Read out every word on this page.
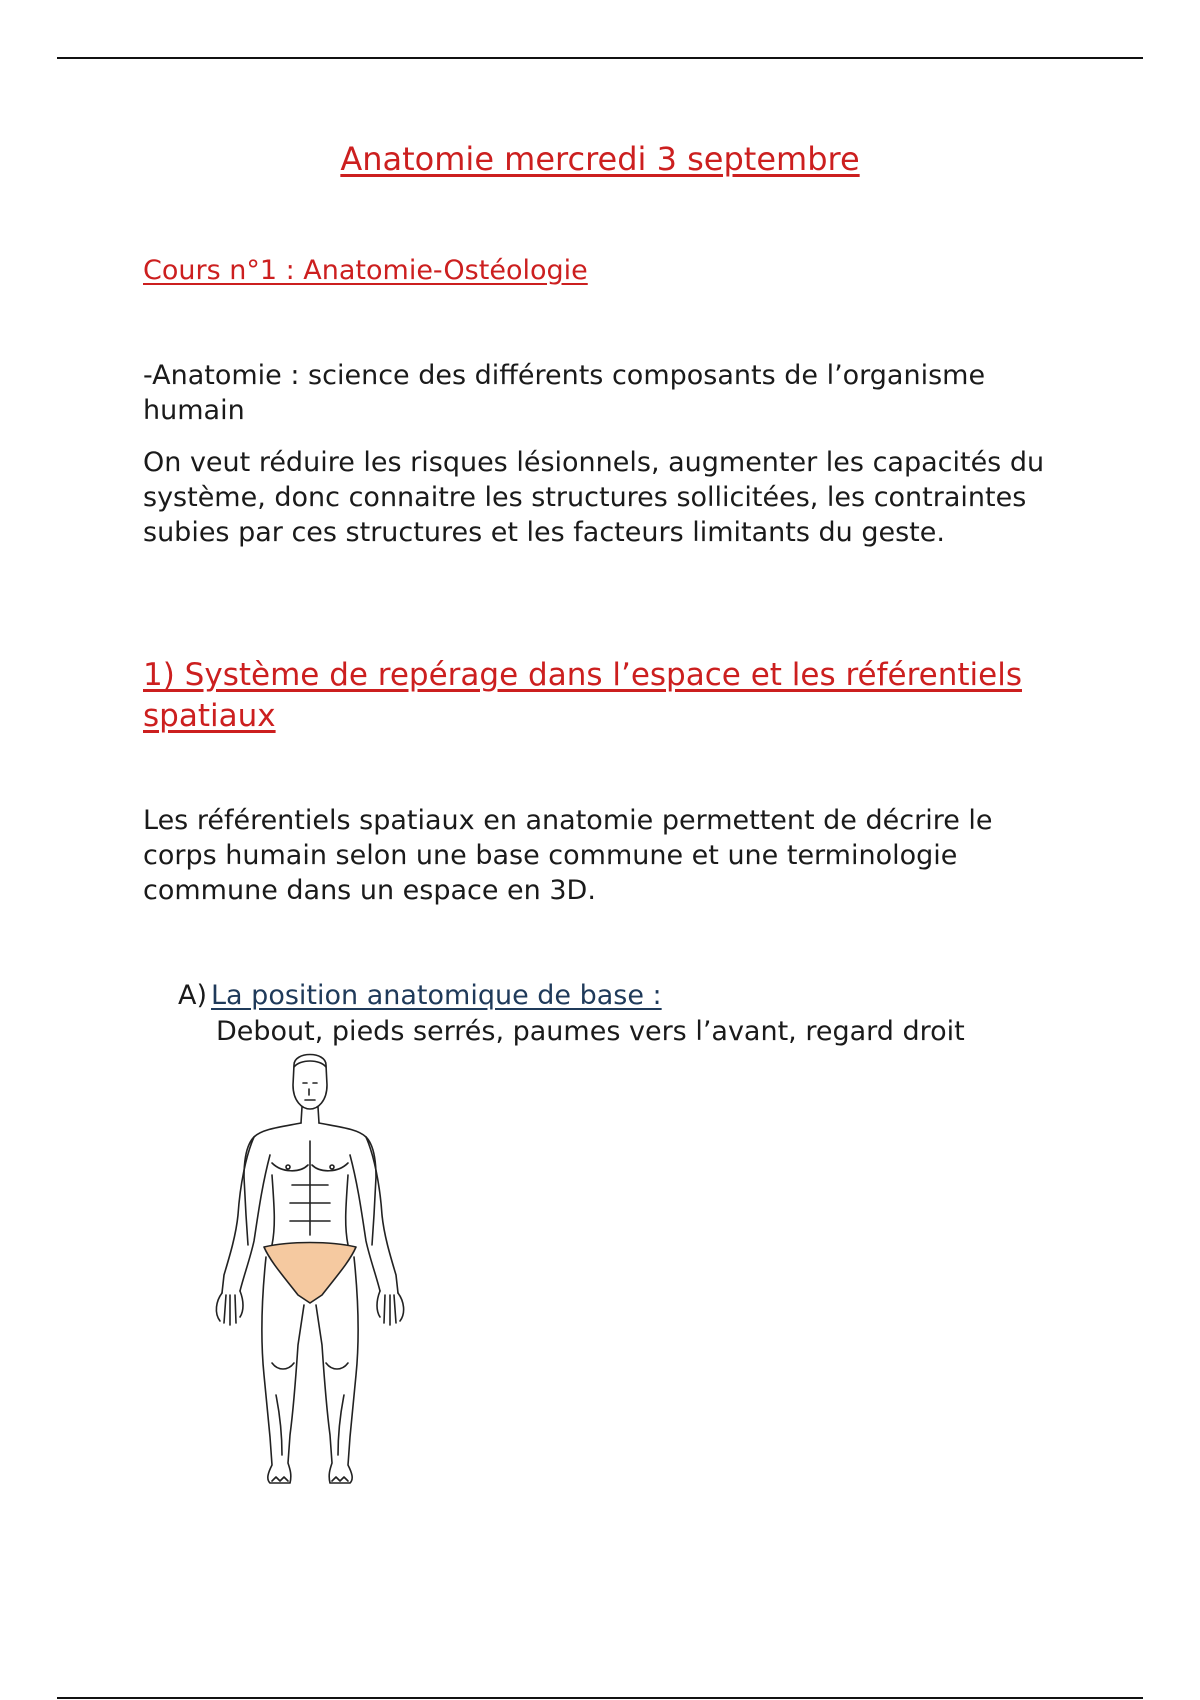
Anatomie mercredi 3 septembre
Cours n°1 : Anatomie-Ostéologie
-Anatomie : science des différents composants de l’organisme humain
On veut réduire les risques lésionnels, augmenter les capacités du système, donc connaitre les structures sollicitées, les contraintes subies par ces structures et les facteurs limitants du geste.
1) Système de repérage dans l’espace et les référentiels spatiaux
Les référentiels spatiaux en anatomie permettent de décrire le corps humain selon une base commune et une terminologie commune dans un espace en 3D.
A) La position anatomique de base :
Debout, pieds serrés, paumes vers l’avant, regard droit
